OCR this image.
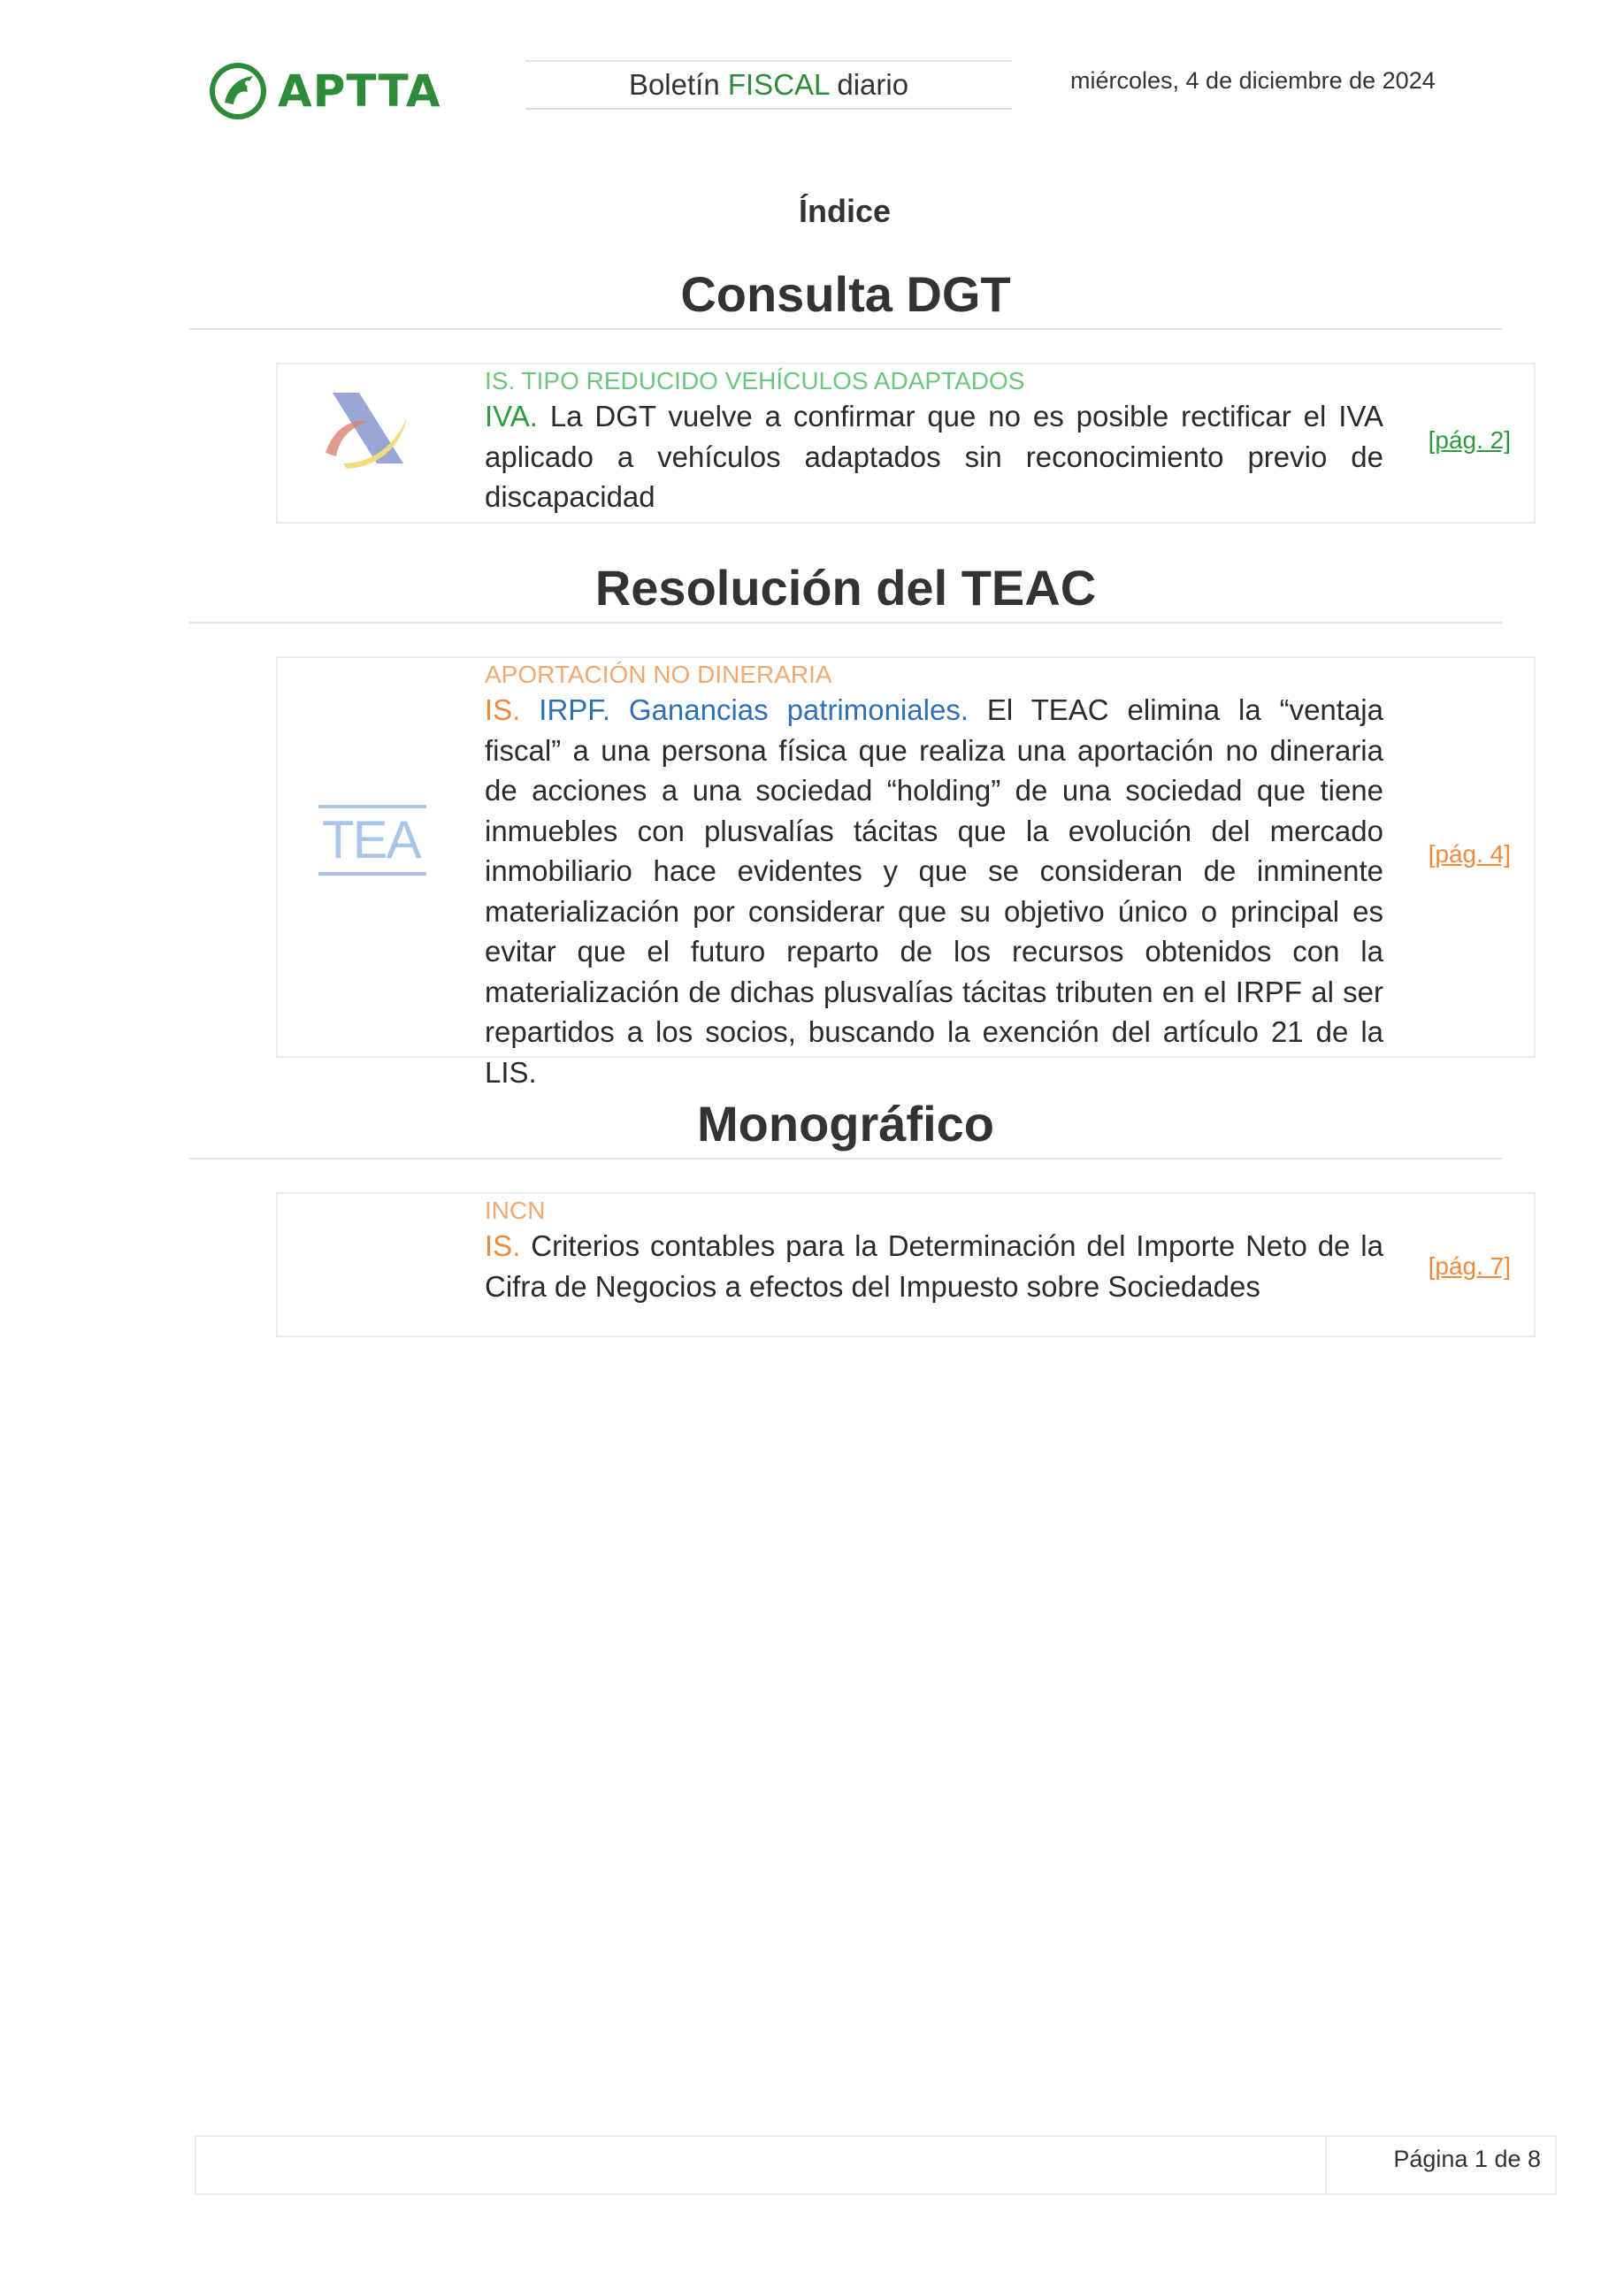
APTTA	Boletín FISCAL diario	miércoles, 4 de diciembre de 2024
Índice
Consulta DGT
IS. TIPO REDUCIDO VEHÍCULOS ADAPTADOS
IVA. La DGT vuelve a confirmar que no es posible rectificar el IVA aplicado a vehículos adaptados sin reconocimiento previo de discapacidad
[pág. 2]
Resolución del TEAC
TEA
APORTACIÓN NO DINERARIA
IS. IRPF. Ganancias patrimoniales. El TEAC elimina la “ventaja fiscal” a una persona física que realiza una aportación no dineraria de acciones a una sociedad “holding” de una sociedad que tiene inmuebles con plusvalías tácitas que la evolución del mercado inmobiliario hace evidentes y que se consideran de inminente materialización por considerar que su objetivo único o principal es evitar que el futuro reparto de los recursos obtenidos con la materialización de dichas plusvalías tácitas tributen en el IRPF al ser repartidos a los socios, buscando la exención del artículo 21 de la LIS.
[pág. 4]
Monográfico
INCN
IS. Criterios contables para la Determinación del Importe Neto de la Cifra de Negocios a efectos del Impuesto sobre Sociedades
[pág. 7]
Página 1 de 8
